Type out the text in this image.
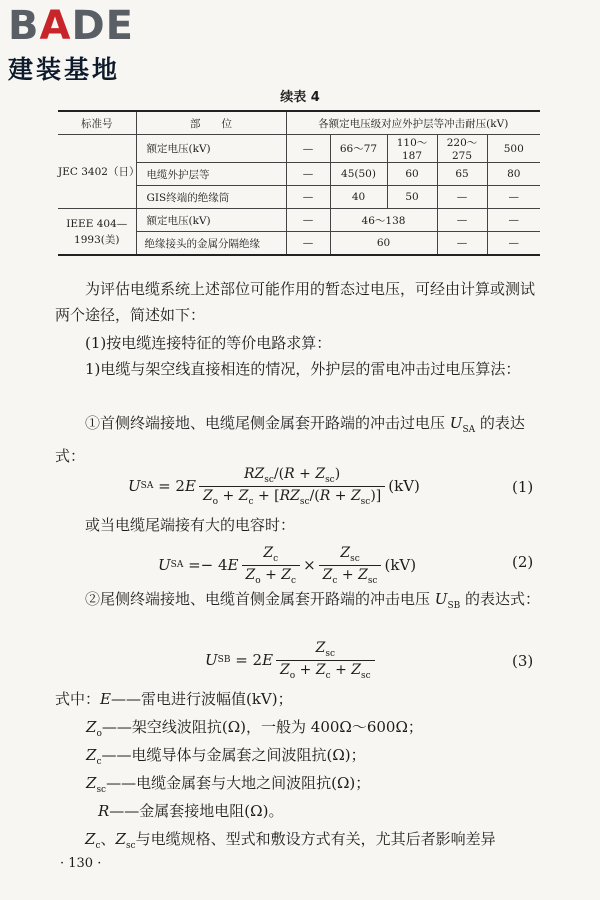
BADE
建装基地
续表 4
标准号	部　　位	各额定电压级对应外护层等冲击耐压(kV)				
JEC 3402（日）	额定电压(kV)	—	66～77	110～187	220～275	500
	电缆外护层等	—	45(50)	60	65	80
	GIS终端的绝缘筒	—	40	50	—	—
IEEE 404—1993(美)	额定电压(kV)	—	46～138		—	—
	绝缘接头的金属分隔绝缘	—	60		—	—

为评估电缆系统上述部位可能作用的暂态过电压，可经由计算或测试两个途径，简述如下：

(1)按电缆连接特征的等价电路求算：

1)电缆与架空线直接相连的情况，外护层的雷电冲击过电压算法：

①首侧终端接地、电缆尾侧金属套开路端的冲击过电压 $U_{SA}$ 的表达式：

U SA = 2 E $\frac{RZ_{sc}/(R + Z_{sc})}{Z_o + Z_c + [RZ_{sc}/(R + Z_{sc})]} (kV)$	(1)

或当电缆尾端接有大的电容时：

U SA =− 4 E $\frac{Z_c}{Z_o + Z_c} \times \frac{Z_{sc}}{Z_c + Z_{sc}} (kV)$	(2)

②尾侧终端接地、电缆首侧金属套开路端的冲击电压 $U_{SB}$ 的表达式：

U SB = 2 E $\frac{Z_{sc}}{Z_o + Z_c + Z_{sc}}$	(3)

式中：E——雷电进行波幅值(kV)；

$Z_o——$架空线波阻抗(Ω)，一般为 400Ω～600Ω；

$Z_c——$电缆导体与金属套之间波阻抗(Ω)；

$Z_{sc}——$电缆金属套与大地之间波阻抗(Ω)；

R——金属套接地电阻(Ω)。

$Z_c$、$Z_{sc}$与电缆规格、型式和敷设方式有关，尤其后者影响差异

· 130 ·
